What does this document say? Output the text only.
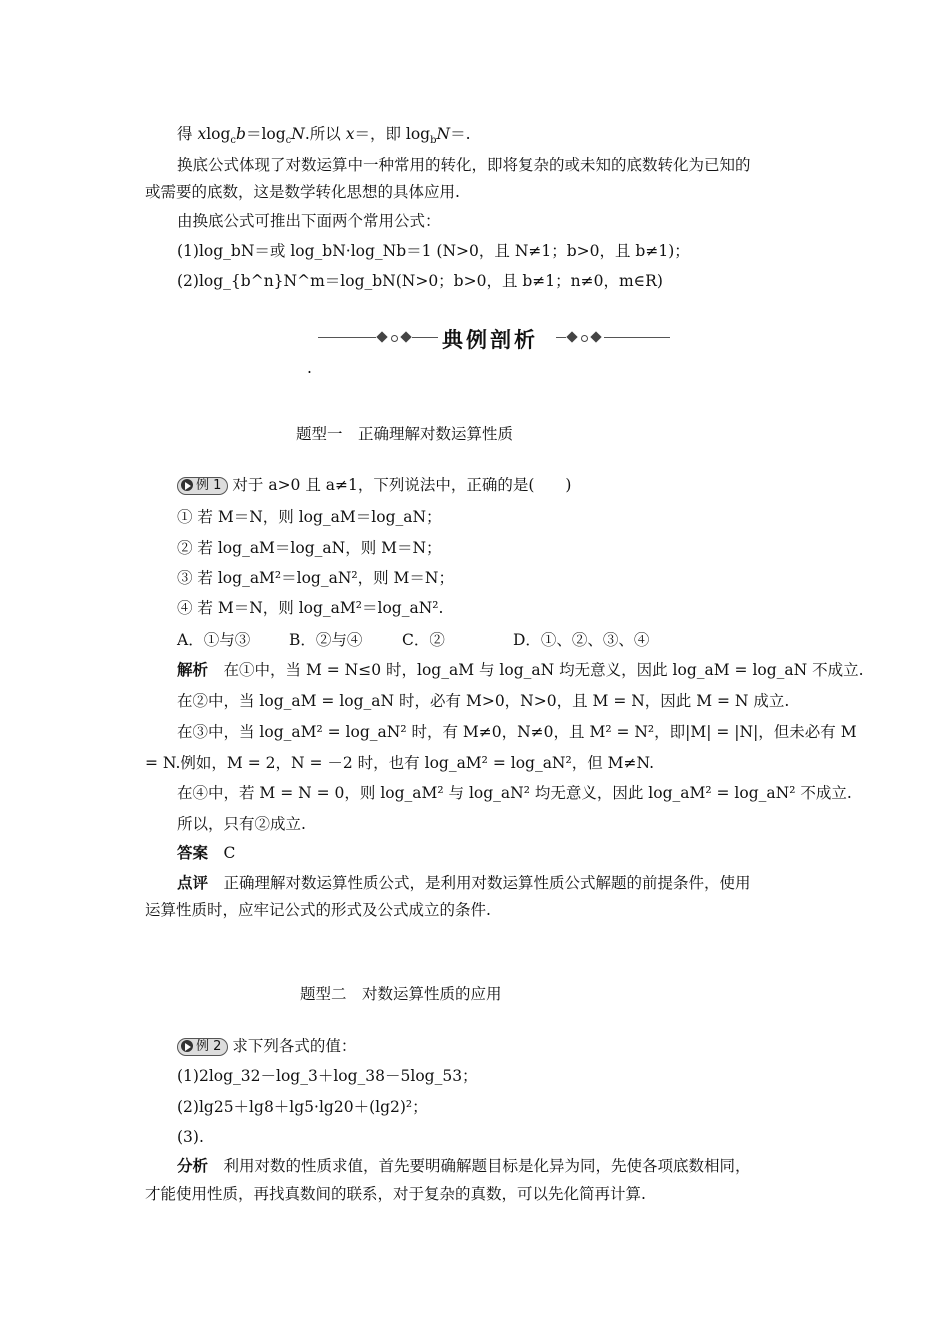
得 $xlog_cb=\log_cN$.所以 x＝，即 $\log_bN=$.
换底公式体现了对数运算中一种常用的转化，即将复杂的或未知的底数转化为已知的
或需要的底数，这是数学转化思想的具体应用.
由换底公式可推出下面两个常用公式：
(1)log_bN＝或 log_bN·log_Nb＝1 (N>0，且 N≠1；b>0，且 b≠1)；
(2)log_{b^n}N^m＝log_bN(N>0；b>0，且 b≠1；n≠0，m∈R)
典例剖析
.
题型一　正确理解对数运算性质
例 1 对于 a>0 且 a≠1，下列说法中，正确的是(　　)
① 若 M＝N，则 log_aM＝log_aN；
② 若 log_aM＝log_aN，则 M＝N；
③ 若 log_aM²＝log_aN²，则 M＝N；
④ 若 M＝N，则 log_aM²＝log_aN².
A．①与③	B．②与④	C．②	D．①、②、③、④
解析　 在①中，当 M = N≤0 时，log_aM 与 log_aN 均无意义，因此 log_aM = log_aN 不成立.
在②中，当 log_aM = log_aN 时，必有 M>0，N>0，且 M = N，因此 M = N 成立.
在③中，当 log_aM² = log_aN² 时，有 M≠0，N≠0，且 M² = N²，即|M| = |N|，但未必有 M
= N.例如，M = 2，N = －2 时，也有 log_aM² = log_aN²，但 M≠N.
在④中，若 M = N = 0，则 log_aM² 与 log_aN² 均无意义，因此 log_aM² = log_aN² 不成立.
所以，只有②成立.
答案　 C
点评　 正确理解对数运算性质公式，是利用对数运算性质公式解题的前提条件，使用
运算性质时，应牢记公式的形式及公式成立的条件.
题型二　对数运算性质的应用
例 2 求下列各式的值：
(1)2log_32－log_3＋log_38－5log_53；
(2)lg25＋lg8＋lg5·lg20＋(lg2)²；
(3).
分析　 利用对数的性质求值，首先要明确解题目标是化异为同，先使各项底数相同，
才能使用性质，再找真数间的联系，对于复杂的真数，可以先化简再计算.
